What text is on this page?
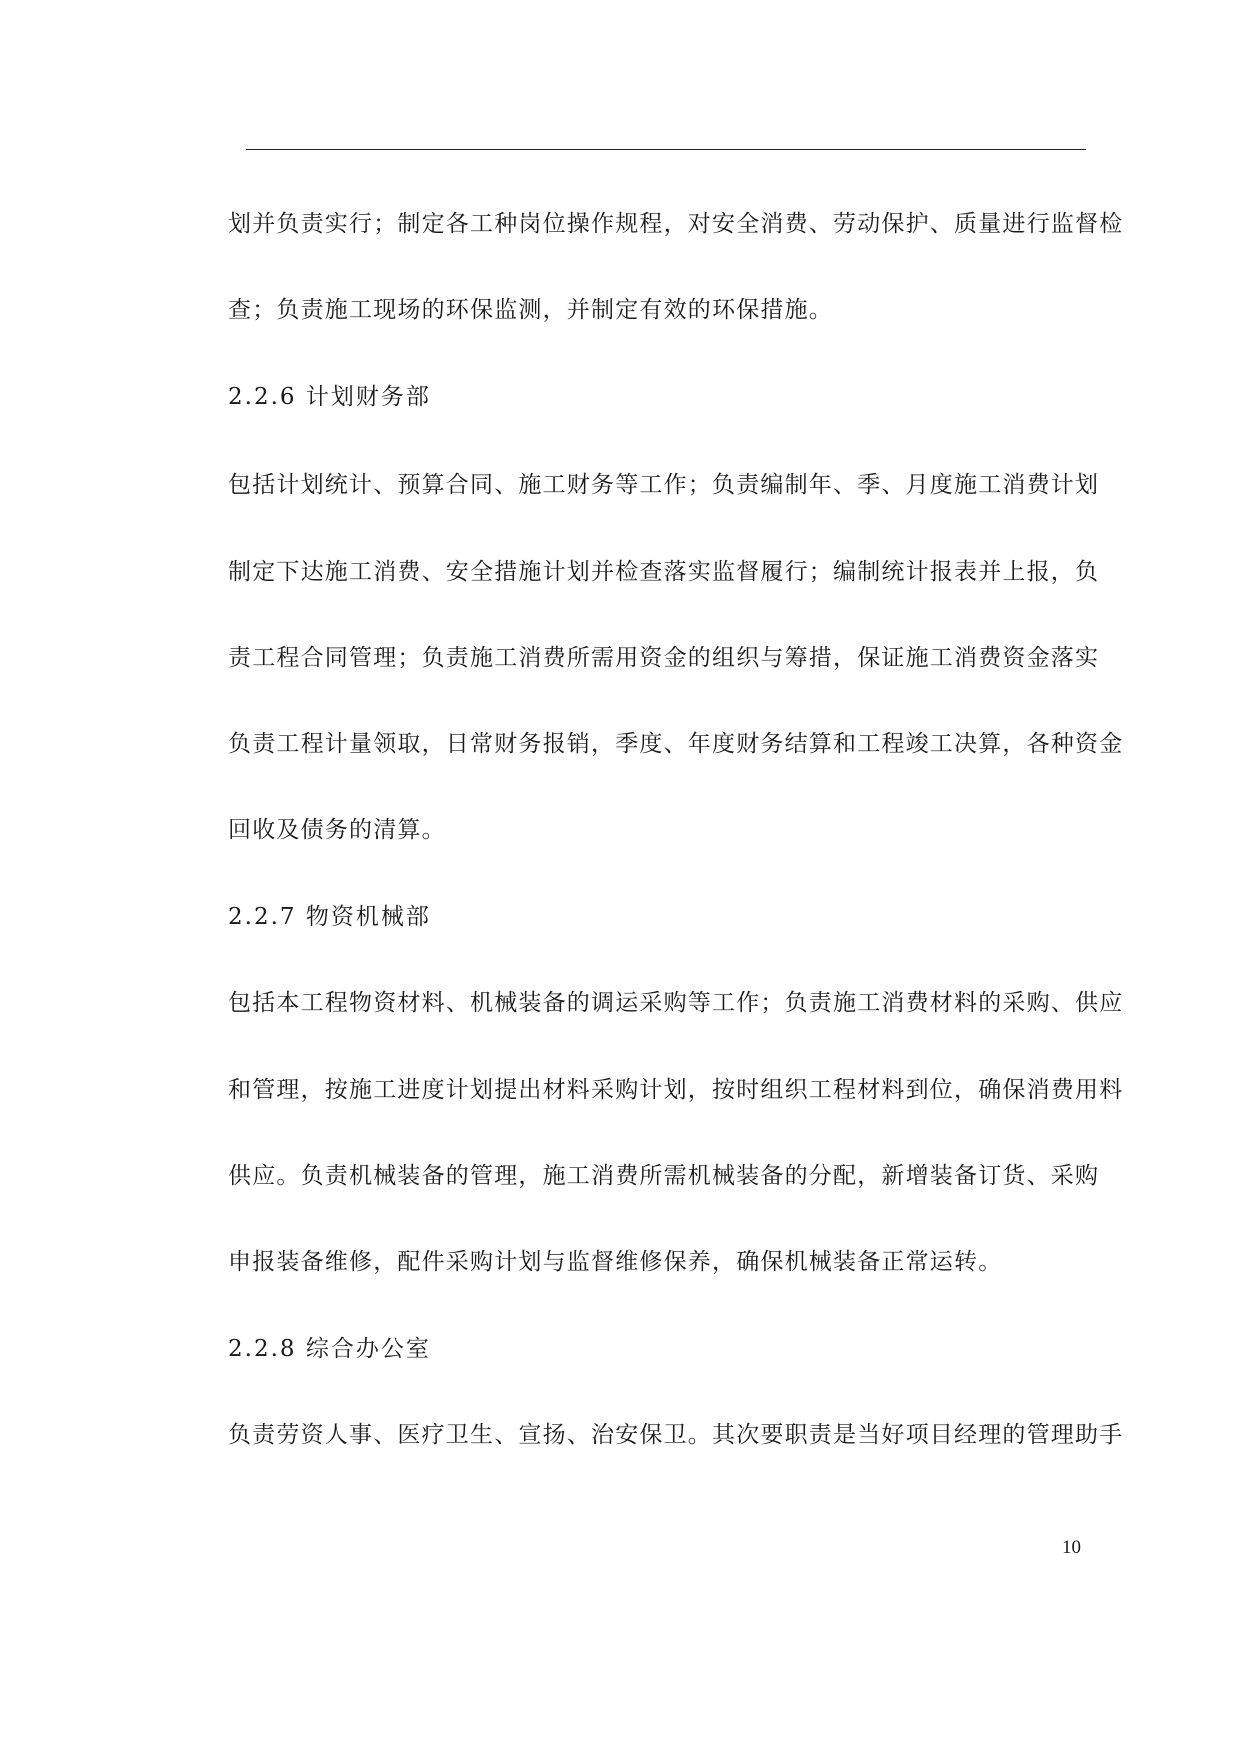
划并负责实行；制定各工种岗位操作规程，对安全消费、劳动保护、质量进行监督检
查；负责施工现场的环保监测，并制定有效的环保措施。
2.2.6 计划财务部
包括计划统计、预算合同、施工财务等工作；负责编制年、季、月度施工消费计划
制定下达施工消费、安全措施计划并检查落实监督履行；编制统计报表并上报，负
责工程合同管理；负责施工消费所需用资金的组织与筹措，保证施工消费资金落实
负责工程计量领取，日常财务报销，季度、年度财务结算和工程竣工决算，各种资金
回收及债务的清算。
2.2.7 物资机械部
包括本工程物资材料、机械装备的调运采购等工作；负责施工消费材料的采购、供应
和管理，按施工进度计划提出材料采购计划，按时组织工程材料到位，确保消费用料
供应。负责机械装备的管理，施工消费所需机械装备的分配，新增装备订货、采购
申报装备维修，配件采购计划与监督维修保养，确保机械装备正常运转。
2.2.8 综合办公室
负责劳资人事、医疗卫生、宣扬、治安保卫。其次要职责是当好项目经理的管理助手
10
